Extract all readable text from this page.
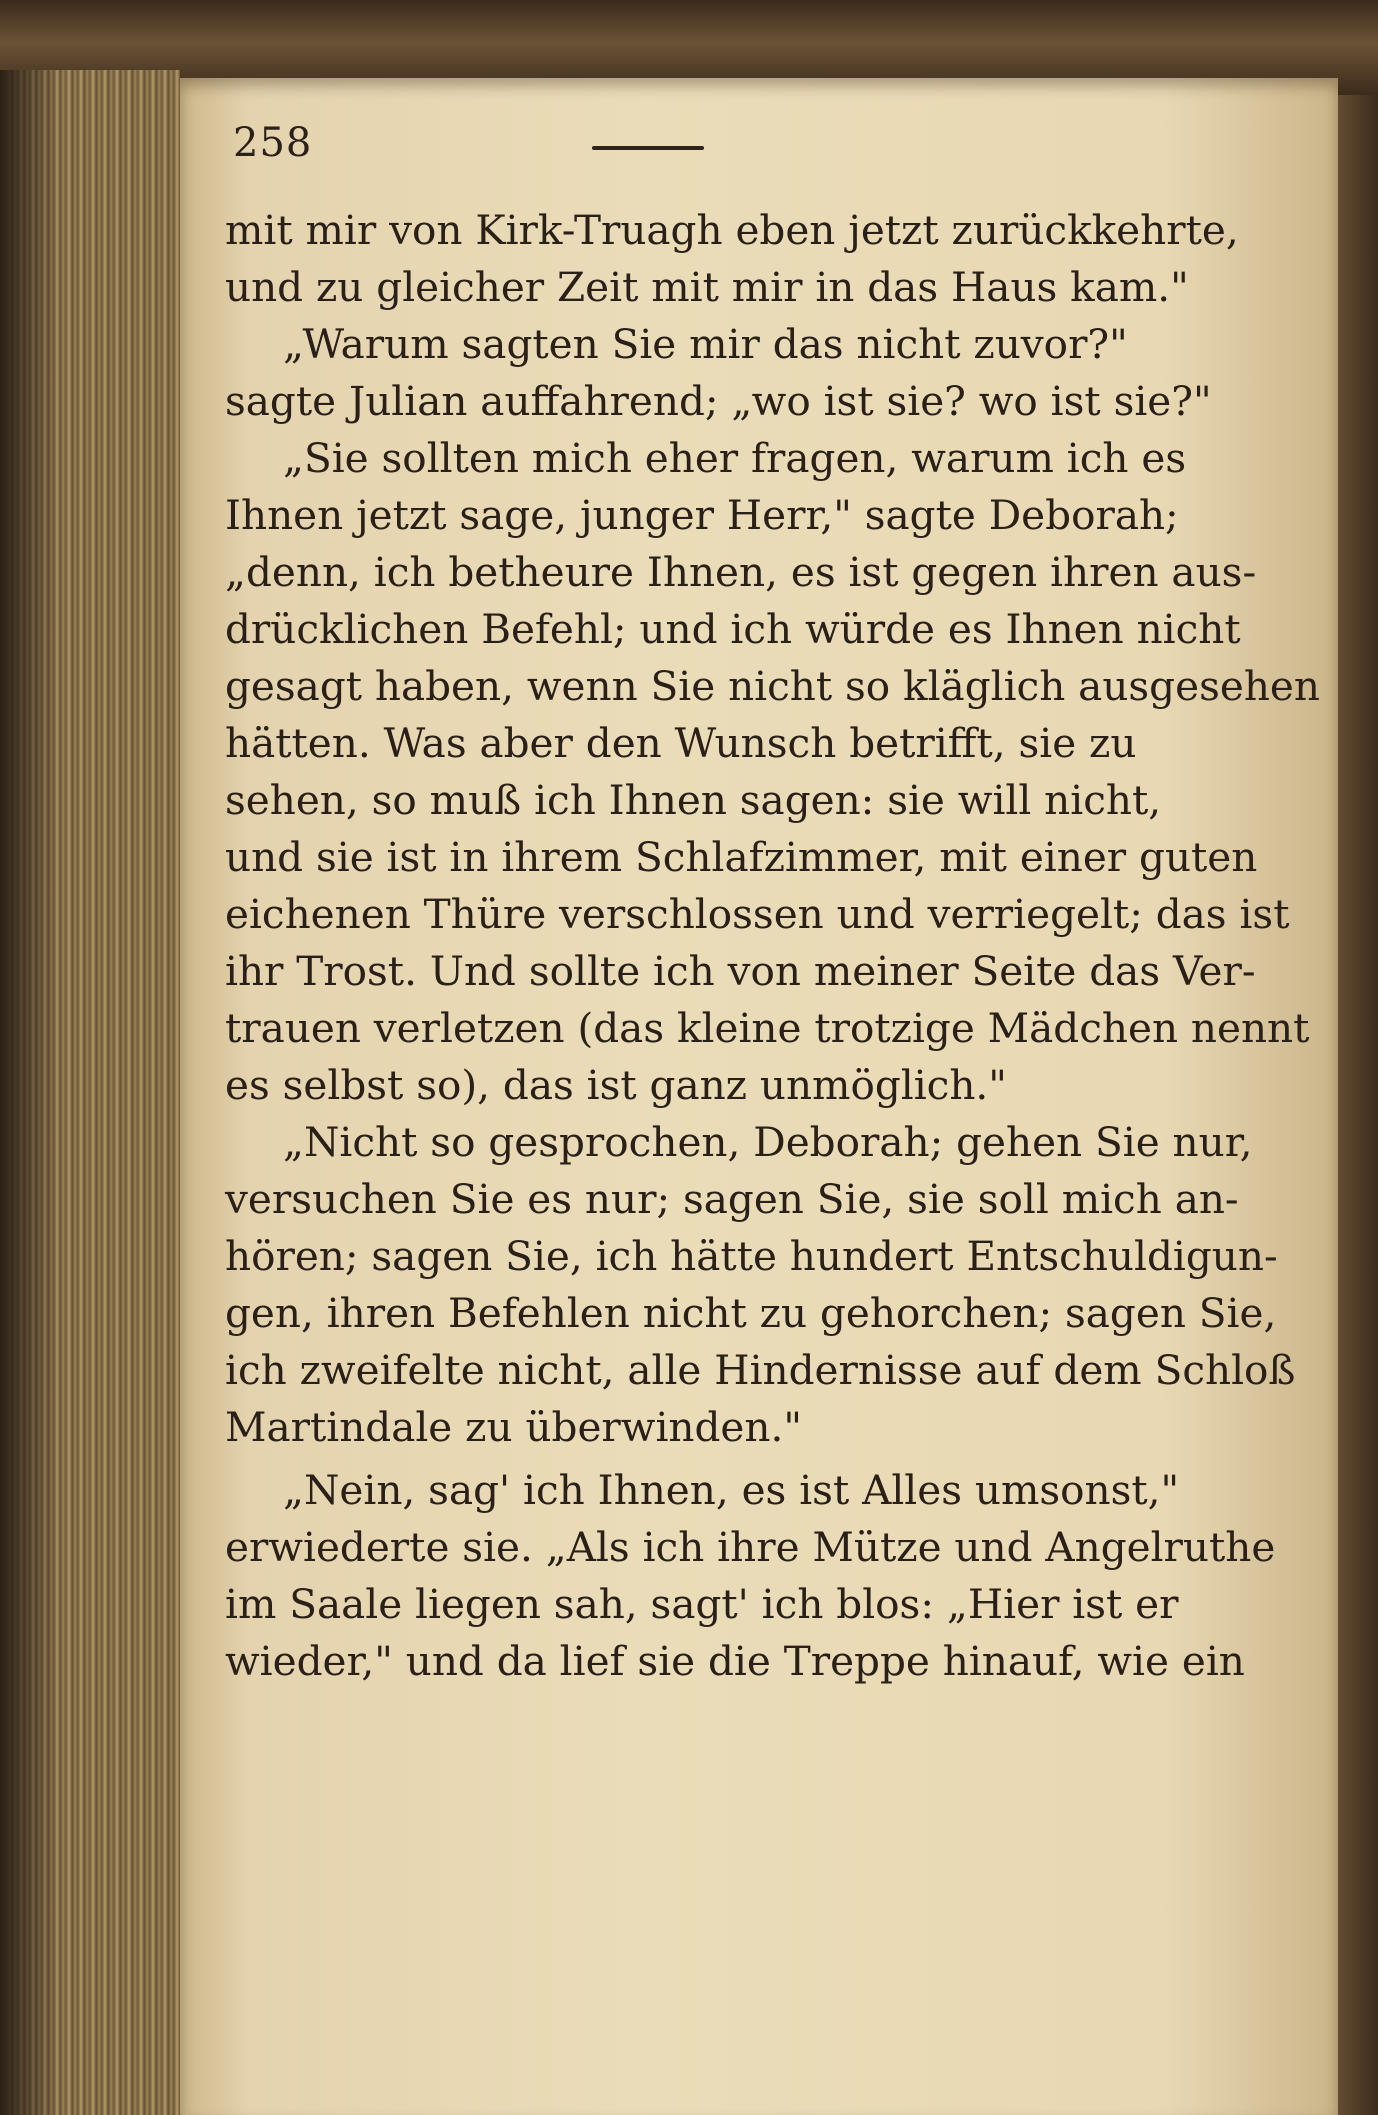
258
mit mir von Kirk-Truagh eben jetzt zurückkehrte,
und zu gleicher Zeit mit mir in das Haus kam."
„Warum sagten Sie mir das nicht zuvor?"
sagte Julian auffahrend; „wo ist sie? wo ist sie?"
„Sie sollten mich eher fragen, warum ich es
Ihnen jetzt sage, junger Herr," sagte Deborah;
„denn, ich betheure Ihnen, es ist gegen ihren aus-
drücklichen Befehl; und ich würde es Ihnen nicht
gesagt haben, wenn Sie nicht so kläglich ausgesehen
hätten. Was aber den Wunsch betrifft, sie zu
sehen, so muß ich Ihnen sagen: sie will nicht,
und sie ist in ihrem Schlafzimmer, mit einer guten
eichenen Thüre verschlossen und verriegelt; das ist
ihr Trost. Und sollte ich von meiner Seite das Ver-
trauen verletzen (das kleine trotzige Mädchen nennt
es selbst so), das ist ganz unmöglich."
„Nicht so gesprochen, Deborah; gehen Sie nur,
versuchen Sie es nur; sagen Sie, sie soll mich an-
hören; sagen Sie, ich hätte hundert Entschuldigun-
gen, ihren Befehlen nicht zu gehorchen; sagen Sie,
ich zweifelte nicht, alle Hindernisse auf dem Schloß
Martindale zu überwinden."
„Nein, sag' ich Ihnen, es ist Alles umsonst,"
erwiederte sie. „Als ich ihre Mütze und Angelruthe
im Saale liegen sah, sagt' ich blos: „Hier ist er
wieder," und da lief sie die Treppe hinauf, wie ein
